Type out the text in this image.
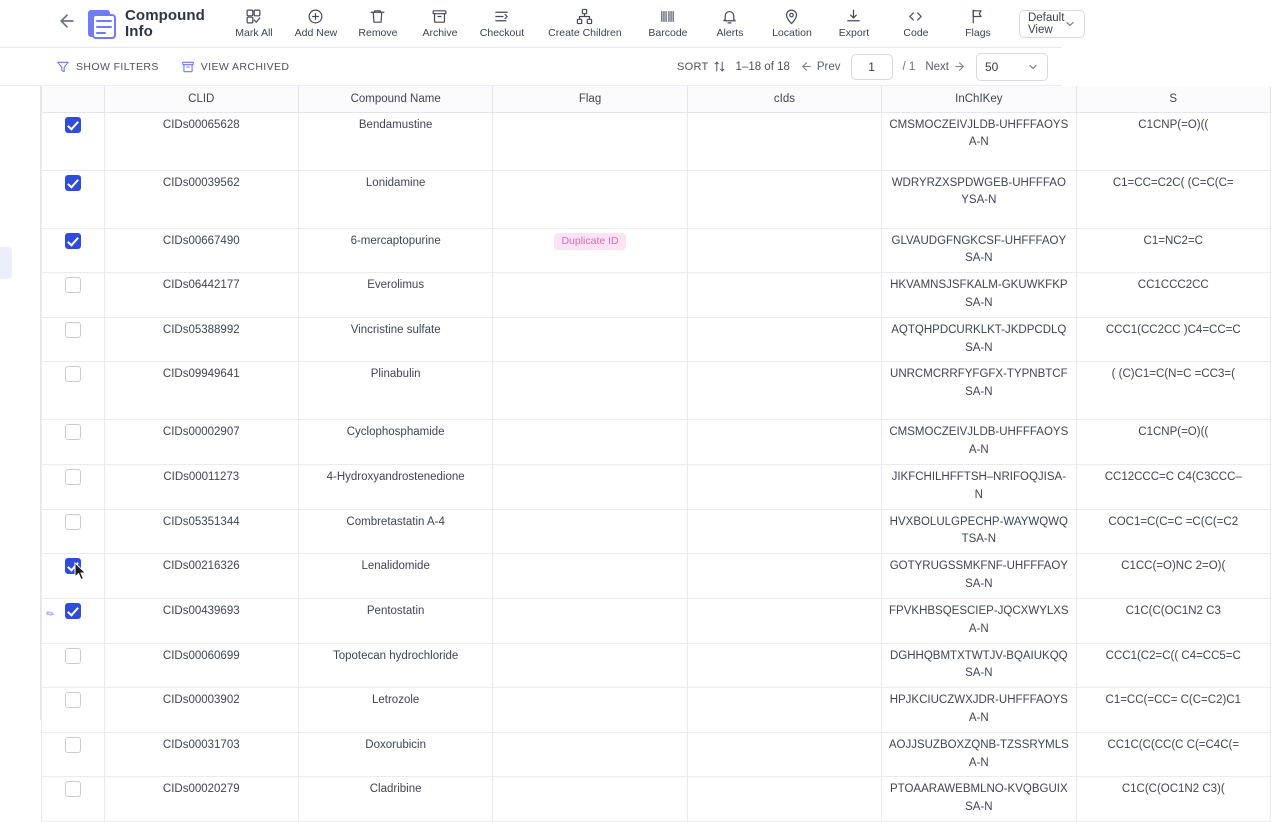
Compound
Info	Mark All Add New Remove Archive Checkout Create Children	Barcode	Alerts	Location	Export	Code	Flags
Default View
SHOW FILTERS	VIEW ARCHIVED	SORT 1–18 of 18 Prev
1	/ 1 Next	50
	CLID	Compound Name	Flag	cIds	InChIKey	S
	CIDs00065628	Bendamustine			CMSMOCZEIVJLDB-UHFFFAOYSA-N	C1CNP(=O)((
	CIDs00039562	Lonidamine			WDRYRZXSPDWGEB-UHFFFAOYSA-N	C1=CC=C2C( (C=C(C=
	CIDs00667490	6-mercaptopurine	Duplicate ID		GLVAUDGFNGKCSF-UHFFFAOYSA-N	C1=NC2=C
	CIDs06442177	Everolimus			HKVAMNSJSFKALM-GKUWKFKPSA-N	CC1CCC2CC
	CIDs05388992	Vincristine sulfate			AQTQHPDCURKLKT-JKDPCDLQSA-N	CCC1(CC2CC )C4=CC=C
	CIDs09949641	Plinabulin			UNRCMCRRFYFGFX-TYPNBTCFSA-N	( (C)C1=C(N=C =CC3=(
	CIDs00002907	Cyclophosphamide			CMSMOCZEIVJLDB-UHFFFAOYSA-N	C1CNP(=O)((
	CIDs00011273	4-Hydroxyandrostenedione			JIKFCHILHFFTSH–NRIFOQJISA-N	CC12CCC=C C4(C3CCC–
	CIDs05351344	Combretastatin A-4			HVXBOLULGPECHP-WAYWQWQTSA-N	COC1=C(C=C =C(C(=C2
	CIDs00216326	Lenalidomide			GOTYRUGSSMKFNF-UHFFFAOYSA-N	C1CC(=O)NC 2=O)(

✎	CIDs00439693	Pentostatin			FPVKHBSQESCIEP-JQCXWYLXSA-N	C1C(C(OC1N2 C3
	CIDs00060699	Topotecan hydrochloride			DGHHQBMTXTWTJV-BQAIUKQQSA-N	CCC1(C2=C(( C4=CC5=C
	CIDs00003902	Letrozole			HPJKCIUCZWXJDR-UHFFFAOYSA-N	C1=CC(=CC= C(C=C2)C1
	CIDs00031703	Doxorubicin			AOJJSUZBOXZQNB-TZSSRYMLSA-N	CC1C(C(CC(C C(=C4C(=
	CIDs00020279	Cladribine			PTOAARAWEBMLNO-KVQBGUIXSA-N	C1C(C(OC1N2 C3)(
